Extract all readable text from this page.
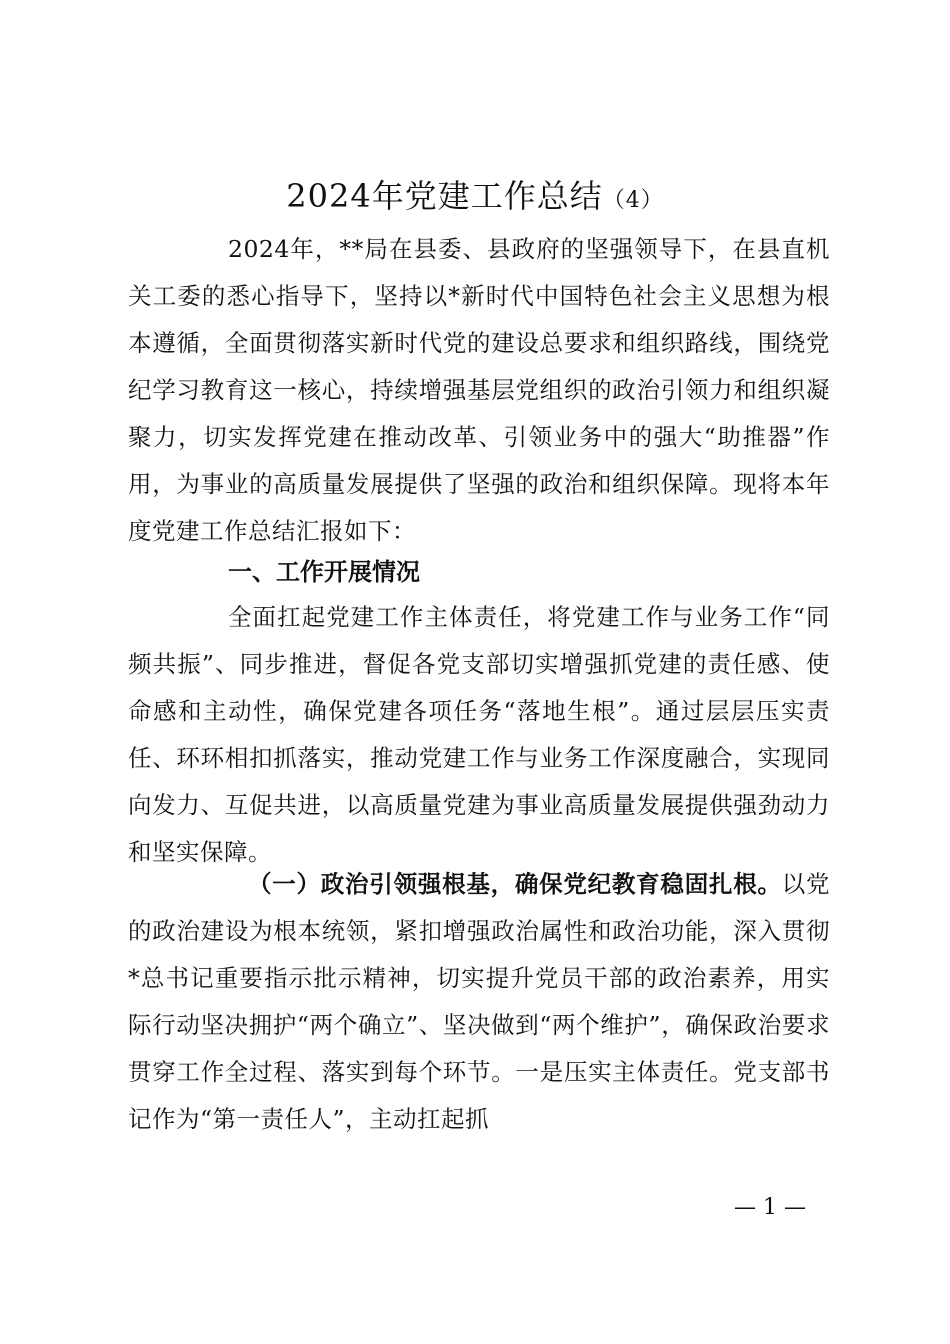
2024年党建工作总结（4）
2024年，**局在县委、县政府的坚强领导下，在县直机关工委的悉心指导下，坚持以*新时代中国特色社会主义思想为根本遵循，全面贯彻落实新时代党的建设总要求和组织路线，围绕党纪学习教育这一核心，持续增强基层党组织的政治引领力和组织凝聚力，切实发挥党建在推动改革、引领业务中的强大“助推器”作用，为事业的高质量发展提供了坚强的政治和组织保障。现将本年度党建工作总结汇报如下：
一、工作开展情况
全面扛起党建工作主体责任，将党建工作与业务工作“同频共振”、同步推进，督促各党支部切实增强抓党建的责任感、使命感和主动性，确保党建各项任务“落地生根”。通过层层压实责任、环环相扣抓落实，推动党建工作与业务工作深度融合，实现同向发力、互促共进，以高质量党建为事业高质量发展提供强劲动力和坚实保障。
（一）政治引领强根基，确保党纪教育稳固扎根。以党的政治建设为根本统领，紧扣增强政治属性和政治功能，深入贯彻*总书记重要指示批示精神，切实提升党员干部的政治素养，用实际行动坚决拥护“两个确立”、坚决做到“两个维护”，确保政治要求贯穿工作全过程、落实到每个环节。一是压实主体责任。党支部书记作为“第一责任人”，主动扛起抓
— 1 —
